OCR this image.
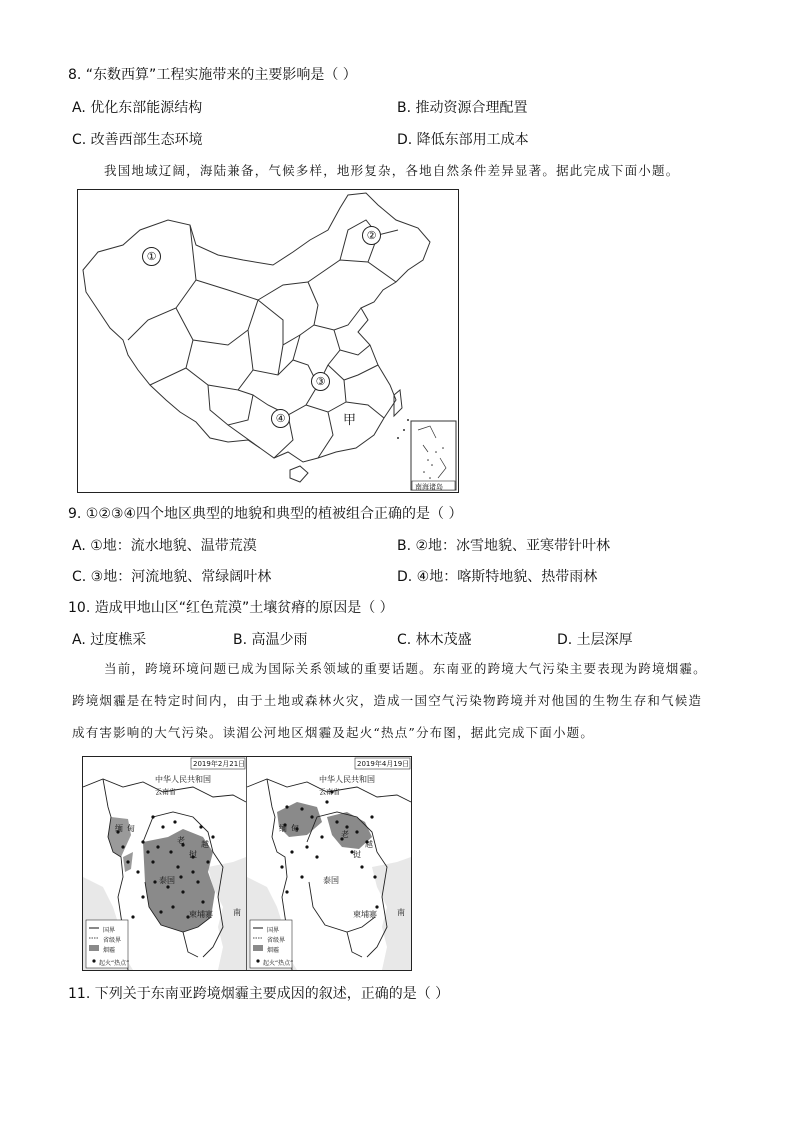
8. “东数西算”工程实施带来的主要影响是（ ）
A. 优化东部能源结构	B. 推动资源合理配置
C. 改善西部生态环境	D. 降低东部用工成本
我国地域辽阔，海陆兼备，气候多样，地形复杂，各地自然条件差异显著。据此完成下面小题。
南海诸岛
①
②
③
④	甲
9. ①②③④四个地区典型的地貌和典型的植被组合正确的是（ ）
A. ①地：流水地貌、温带荒漠	B. ②地：冰雪地貌、亚寒带针叶林
C. ③地：河流地貌、常绿阔叶林	D. ④地：喀斯特地貌、热带雨林
10. 造成甲地山区“红色荒漠”土壤贫瘠的原因是（ ）
A. 过度樵采	B. 高温少雨	C. 林木茂盛	D. 土层深厚
当前，跨境环境问题已成为国际关系领域的重要话题。东南亚的跨境大气污染主要表现为跨境烟霾。
跨境烟霾是在特定时间内，由于土地或森林火灾，造成一国空气污染物跨境并对他国的生物生存和气候造
成有害影响的大气污染。读湄公河地区烟霾及起火“热点”分布图，据此完成下面小题。
2019年2月21日
中华人民共和国
云南省
缅 甸
老
挝
泰国
越
南
柬埔寨
国界
省级界
烟霾
起火“热点”
2019年4月19日
中华人民共和国
云南省
缅 甸
老
挝
泰国
越
南
柬埔寨
国界
省级界
烟霾
起火“热点”
11. 下列关于东南亚跨境烟霾主要成因的叙述，正确的是（ ）
